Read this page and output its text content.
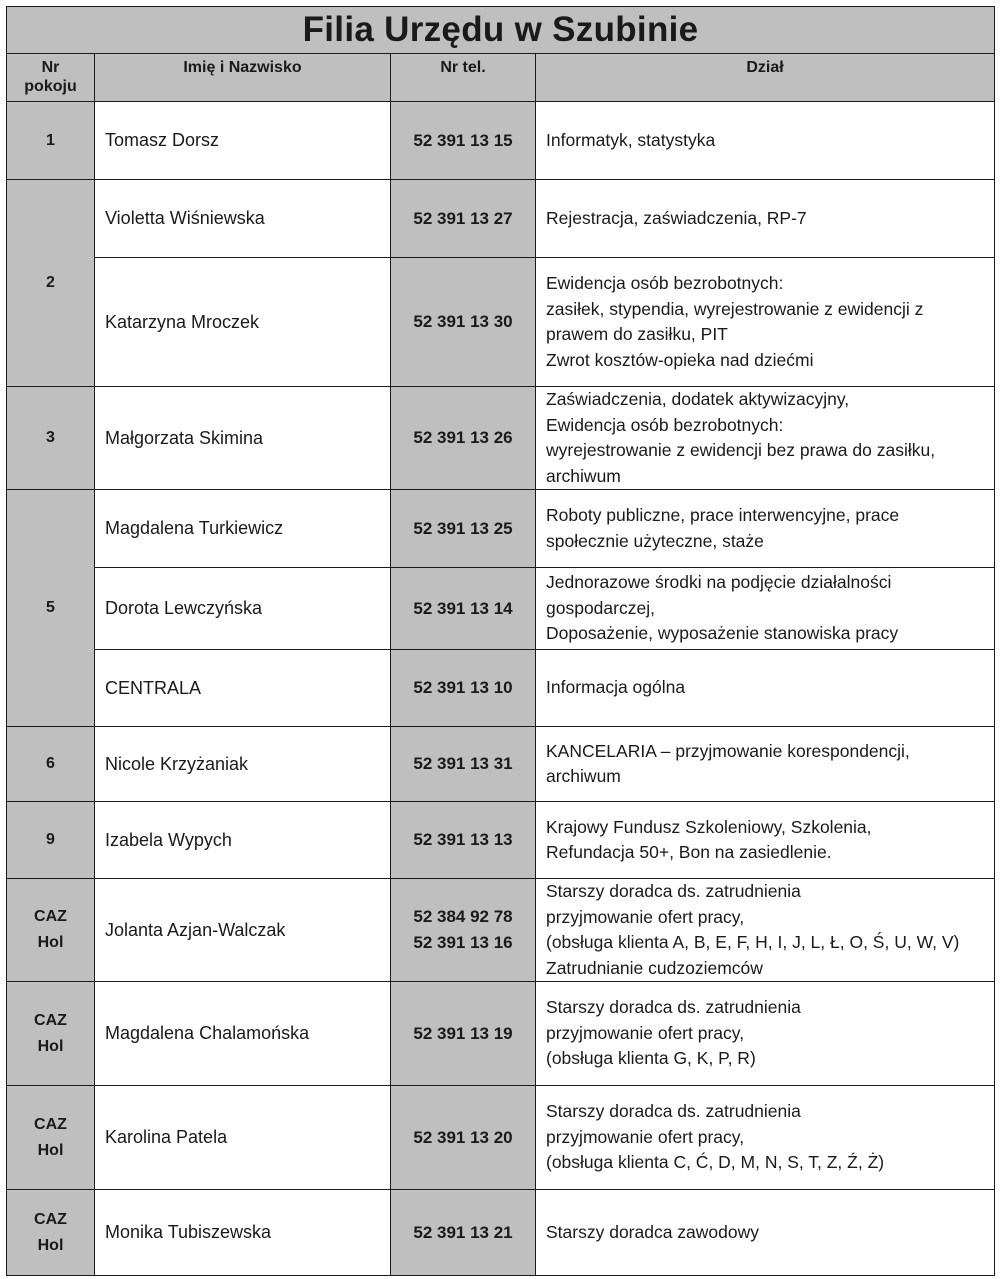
Filia Urzędu w Szubinie			

Nr
pokoju	Imię i Nazwisko	Nr tel.	Dział

1	Tomasz Dorsz	52 391 13 15	Informatyk, statystyka

2	Violetta Wiśniewska	52 391 13 27	Rejestracja, zaświadczenia, RP-7

	Katarzyna Mroczek	52 391 13 30	Ewidencja osób bezrobotnych:
zasiłek, stypendia, wyrejestrowanie z ewidencji z
prawem do zasiłku, PIT
Zwrot kosztów-opieka nad dziećmi

3	Małgorzata Skimina	52 391 13 26	Zaświadczenia, dodatek aktywizacyjny,
Ewidencja osób bezrobotnych:
wyrejestrowanie z ewidencji bez prawa do zasiłku,
archiwum

5	Magdalena Turkiewicz	52 391 13 25	Roboty publiczne, prace interwencyjne, prace
społecznie użyteczne, staże

	Dorota Lewczyńska	52 391 13 14	Jednorazowe środki na podjęcie działalności
gospodarczej,
Doposażenie, wyposażenie stanowiska pracy

	CENTRALA	52 391 13 10	Informacja ogólna

6	Nicole Krzyżaniak	52 391 13 31	KANCELARIA – przyjmowanie korespondencji,
archiwum

9	Izabela Wypych	52 391 13 13	Krajowy Fundusz Szkoleniowy, Szkolenia,
Refundacja 50+, Bon na zasiedlenie.

CAZ
Hol	Jolanta Azjan-Walczak	52 384 92 78
52 391 13 16	Starszy doradca ds. zatrudnienia
przyjmowanie ofert pracy,
(obsługa klienta A, B, E, F, H, I, J, L, Ł, O, Ś, U, W, V)
Zatrudnianie cudzoziemców

CAZ
Hol	Magdalena Chalamońska	52 391 13 19	Starszy doradca ds. zatrudnienia
przyjmowanie ofert pracy,
(obsługa klienta G, K, P, R)

CAZ
Hol	Karolina Patela	52 391 13 20	Starszy doradca ds. zatrudnienia
przyjmowanie ofert pracy,
(obsługa klienta C, Ć, D, M, N, S, T, Z, Ź, Ż)

CAZ
Hol	Monika Tubiszewska	52 391 13 21	Starszy doradca zawodowy
